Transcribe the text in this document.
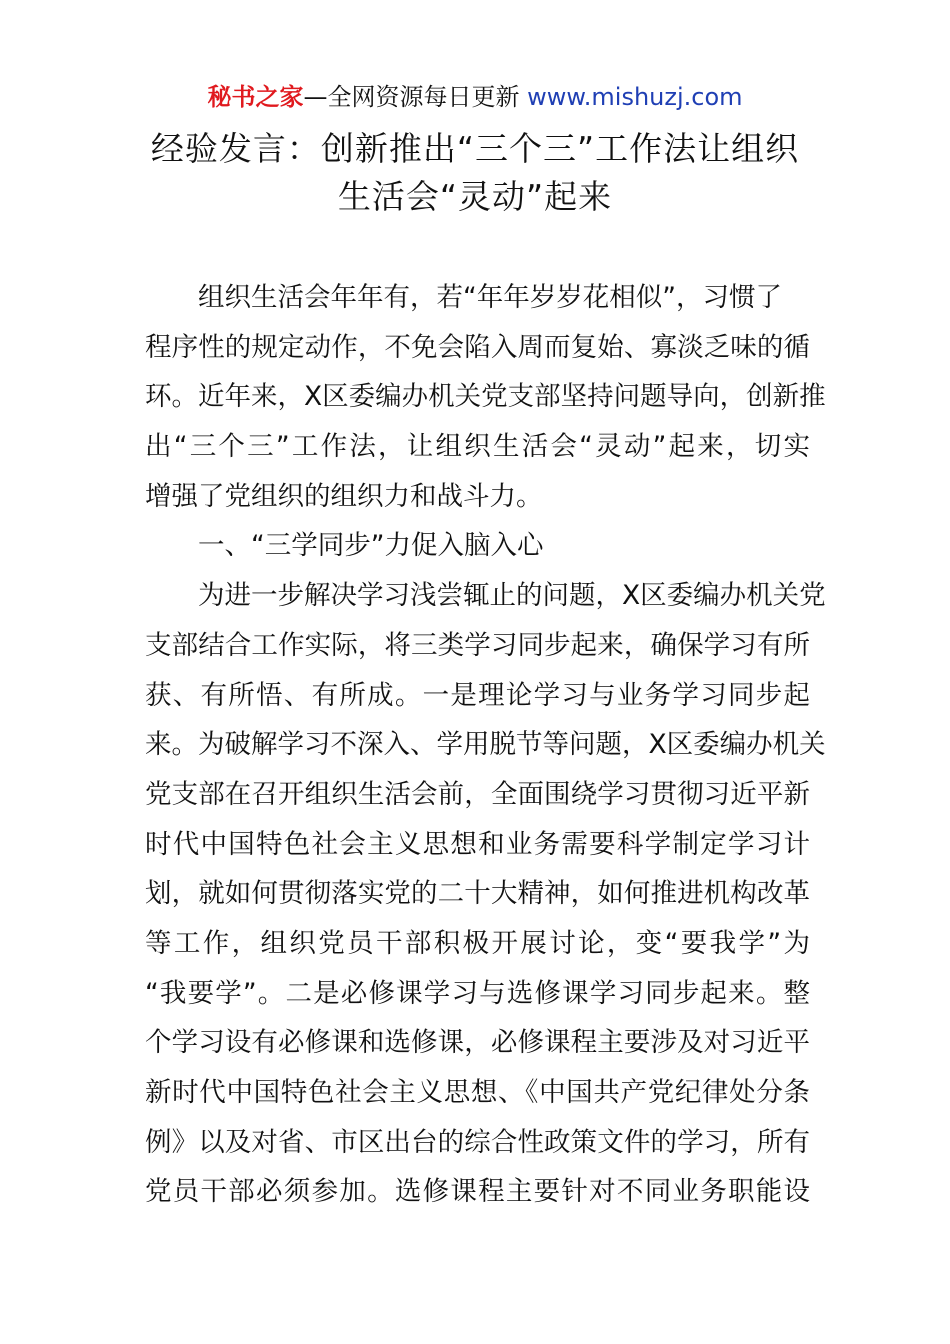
秘书之家—全网资源每日更新 www.mishuzj.com
经验发言：创新推出“三个三”工作法让组织
生活会“灵动”起来
组织生活会年年有，若“年年岁岁花相似”，习惯了
程序性的规定动作，不免会陷入周而复始、寡淡乏味的循
环。近年来，X区委编办机关党支部坚持问题导向，创新推
出“三个三”工作法，让组织生活会“灵动”起来，切实
增强了党组织的组织力和战斗力。
一、“三学同步”力促入脑入心
为进一步解决学习浅尝辄止的问题，X区委编办机关党
支部结合工作实际，将三类学习同步起来，确保学习有所
获、有所悟、有所成。一是理论学习与业务学习同步起
来。为破解学习不深入、学用脱节等问题，X区委编办机关
党支部在召开组织生活会前，全面围绕学习贯彻习近平新
时代中国特色社会主义思想和业务需要科学制定学习计
划，就如何贯彻落实党的二十大精神，如何推进机构改革
等工作，组织党员干部积极开展讨论，变“要我学”为
“我要学”。二是必修课学习与选修课学习同步起来。整
个学习设有必修课和选修课，必修课程主要涉及对习近平
新时代中国特色社会主义思想、《中国共产党纪律处分条
例》以及对省、市区出台的综合性政策文件的学习，所有
党员干部必须参加。选修课程主要针对不同业务职能设
